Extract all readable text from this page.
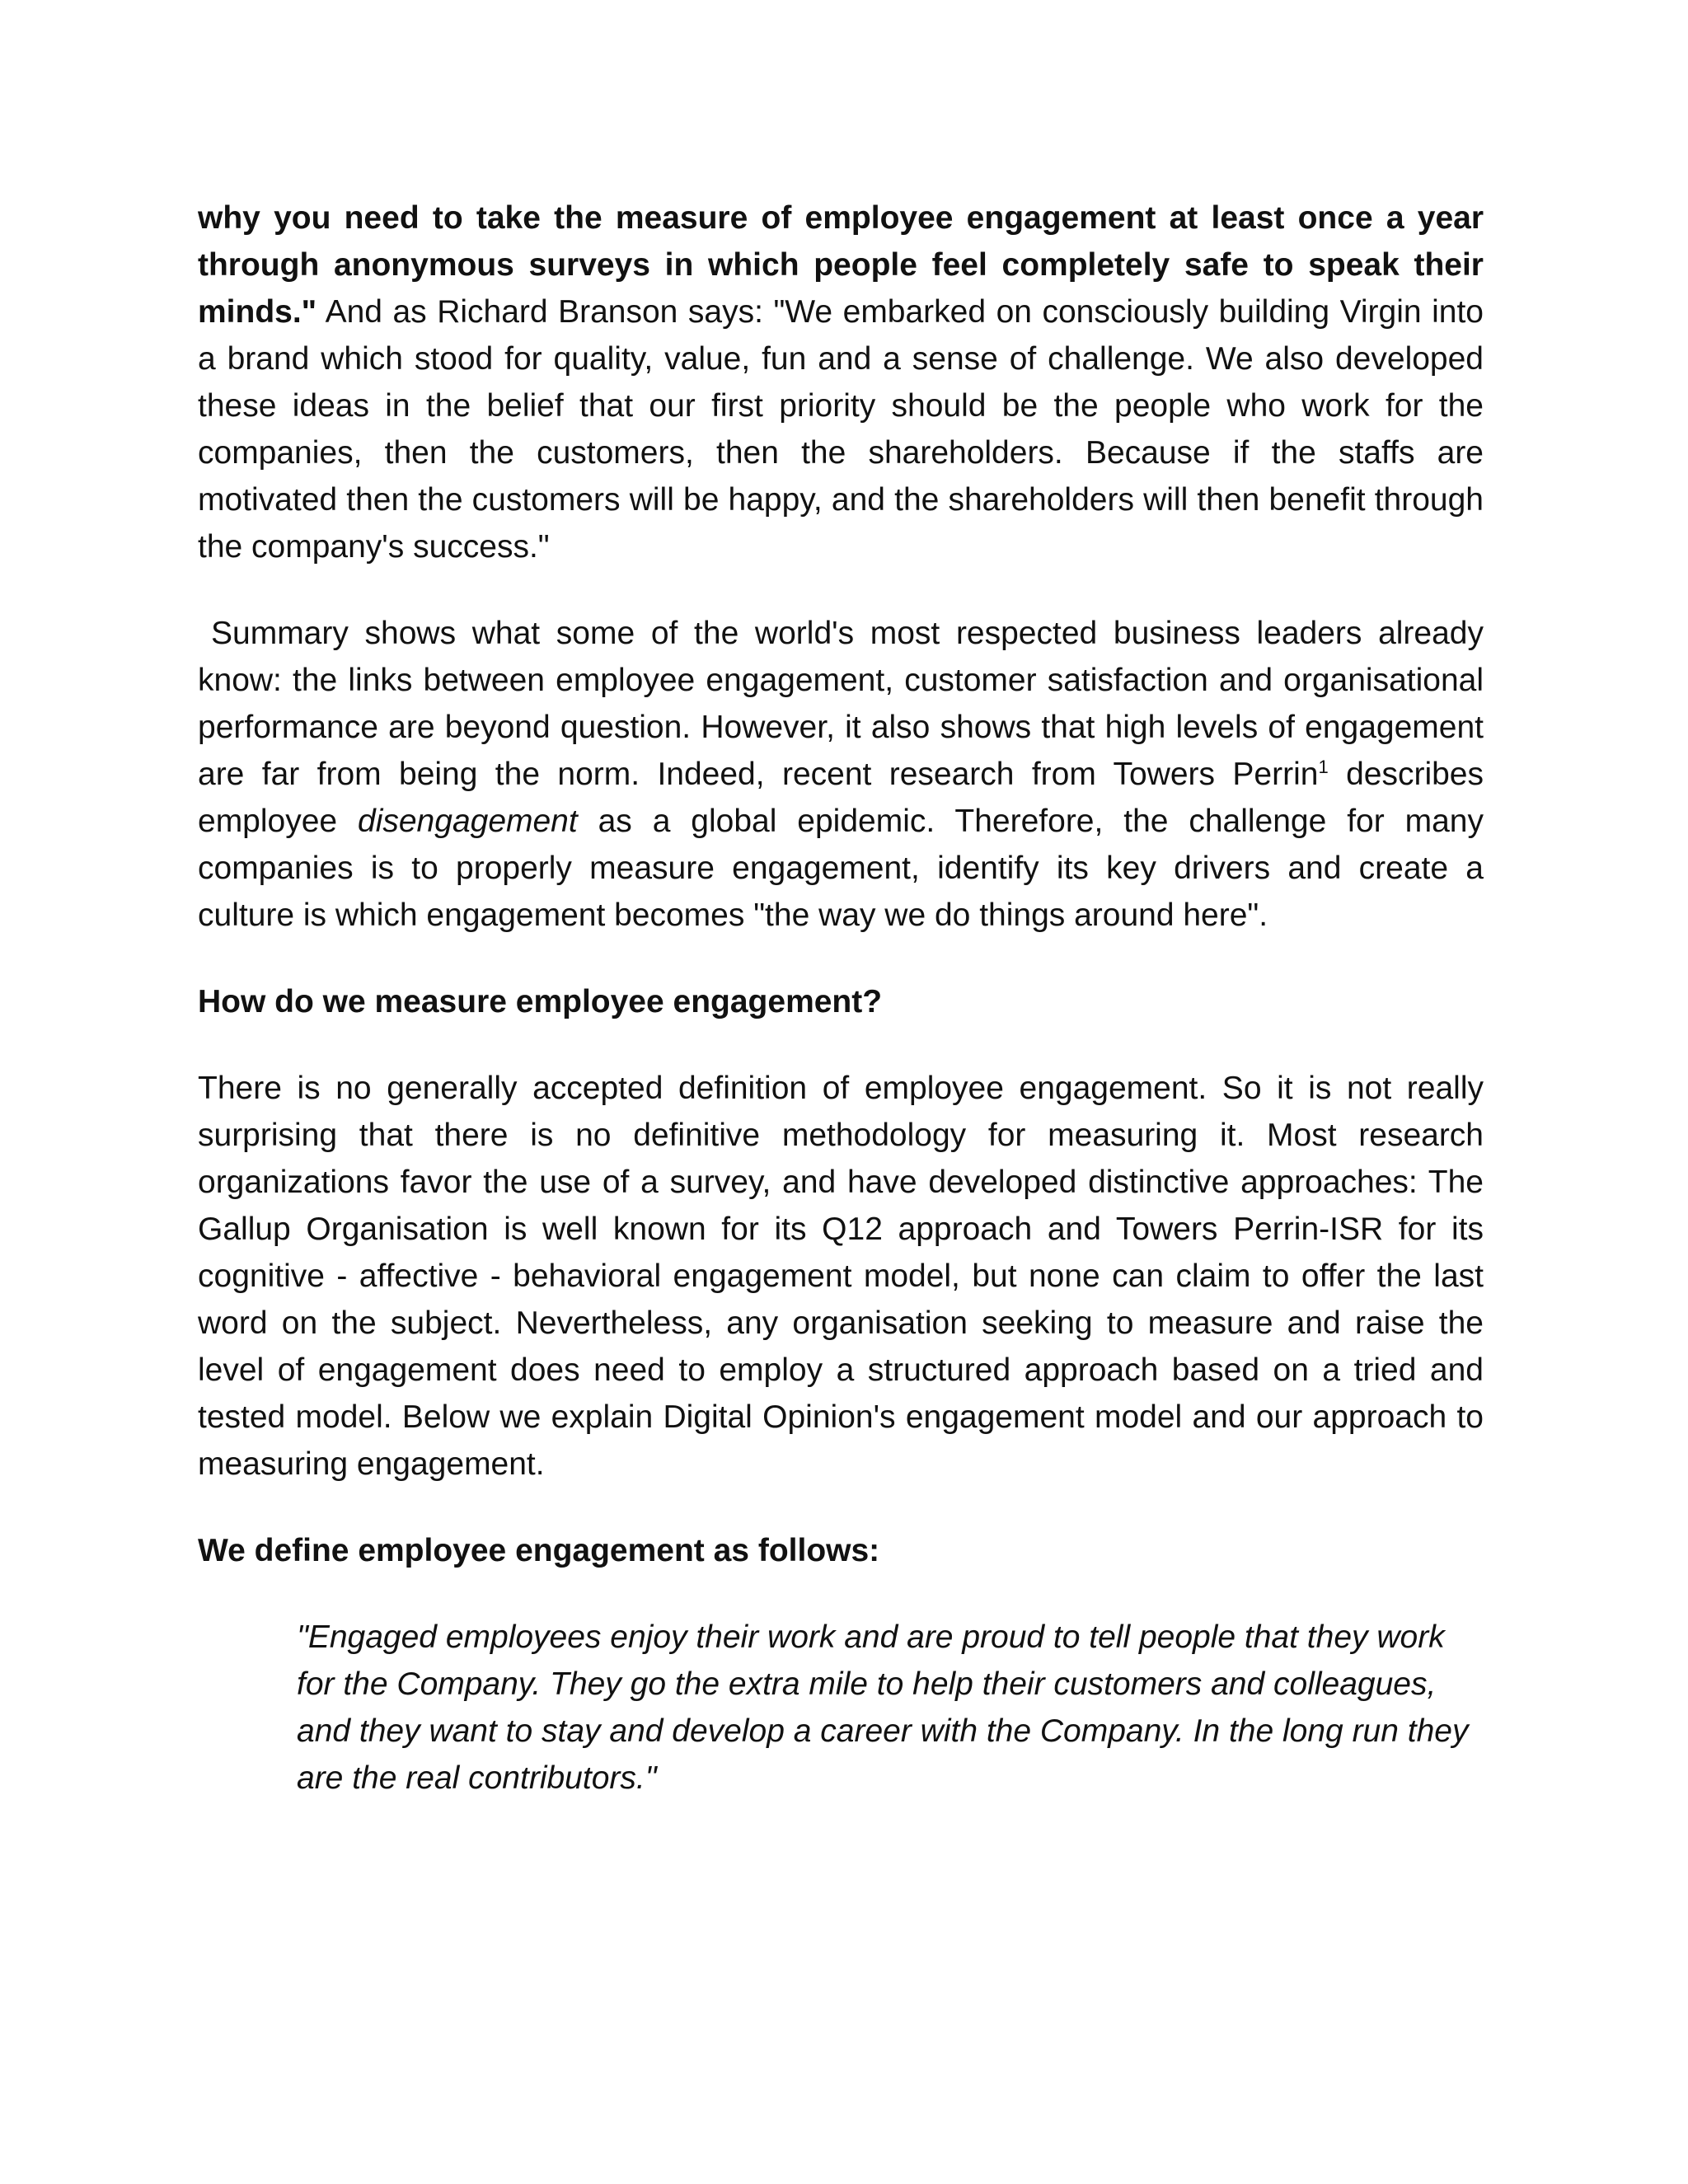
why you need to take the measure of employee engagement at least once a year through anonymous surveys in which people feel completely safe to speak their minds." And as Richard Branson says: "We embarked on consciously building Virgin into a brand which stood for quality, value, fun and a sense of challenge. We also developed these ideas in the belief that our first priority should be the people who work for the companies, then the customers, then the shareholders. Because if the staffs are motivated then the customers will be happy, and the shareholders will then benefit through the company's success."

Summary shows what some of the world's most respected business leaders already know: the links between employee engagement, customer satisfaction and organisational performance are beyond question. However, it also shows that high levels of engagement are far from being the norm. Indeed, recent research from Towers Perrin$^1$ describes employee disengagement as a global epidemic. Therefore, the challenge for many companies is to properly measure engagement, identify its key drivers and create a culture is which engagement becomes "the way we do things around here".

How do we measure employee engagement?

There is no generally accepted definition of employee engagement. So it is not really surprising that there is no definitive methodology for measuring it. Most research organizations favor the use of a survey, and have developed distinctive approaches: The Gallup Organisation is well known for its Q12 approach and Towers Perrin-ISR for its cognitive - affective - behavioral engagement model, but none can claim to offer the last word on the subject. Nevertheless, any organisation seeking to measure and raise the level of engagement does need to employ a structured approach based on a tried and tested model. Below we explain Digital Opinion's engagement model and our approach to measuring engagement.

We define employee engagement as follows:

"Engaged employees enjoy their work and are proud to tell people that they work for the Company. They go the extra mile to help their customers and colleagues, and they want to stay and develop a career with the Company. In the long run they are the real contributors."
